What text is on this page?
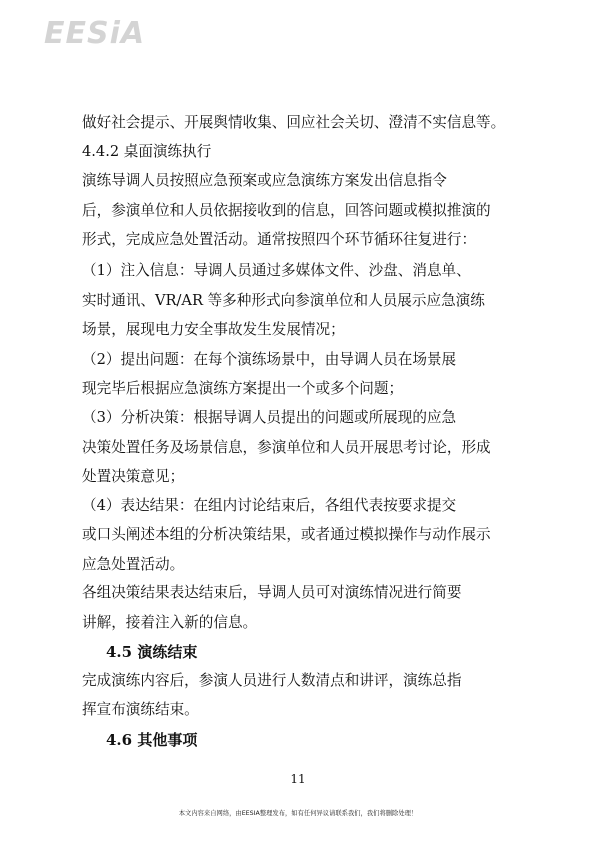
EESiA
做好社会提示、开展舆情收集、回应社会关切、澄清不实信息等。
4.4.2 桌面演练执行
演练导调人员按照应急预案或应急演练方案发出信息指令
后，参演单位和人员依据接收到的信息，回答问题或模拟推演的
形式，完成应急处置活动。通常按照四个环节循环往复进行：
（1）注入信息：导调人员通过多媒体文件、沙盘、消息单、
实时通讯、VR/AR 等多种形式向参演单位和人员展示应急演练
场景，展现电力安全事故发生发展情况；
（2）提出问题：在每个演练场景中，由导调人员在场景展
现完毕后根据应急演练方案提出一个或多个问题；
（3）分析决策：根据导调人员提出的问题或所展现的应急
决策处置任务及场景信息，参演单位和人员开展思考讨论，形成
处置决策意见；
（4）表达结果：在组内讨论结束后，各组代表按要求提交
或口头阐述本组的分析决策结果，或者通过模拟操作与动作展示
应急处置活动。
各组决策结果表达结束后，导调人员可对演练情况进行简要
讲解，接着注入新的信息。
4.5 演练结束
完成演练内容后，参演人员进行人数清点和讲评，演练总指
挥宣布演练结束。
4.6 其他事项
11
本文内容来自网络，由EESIA整理发布，如有任何异议请联系我们，我们将删除处理！
